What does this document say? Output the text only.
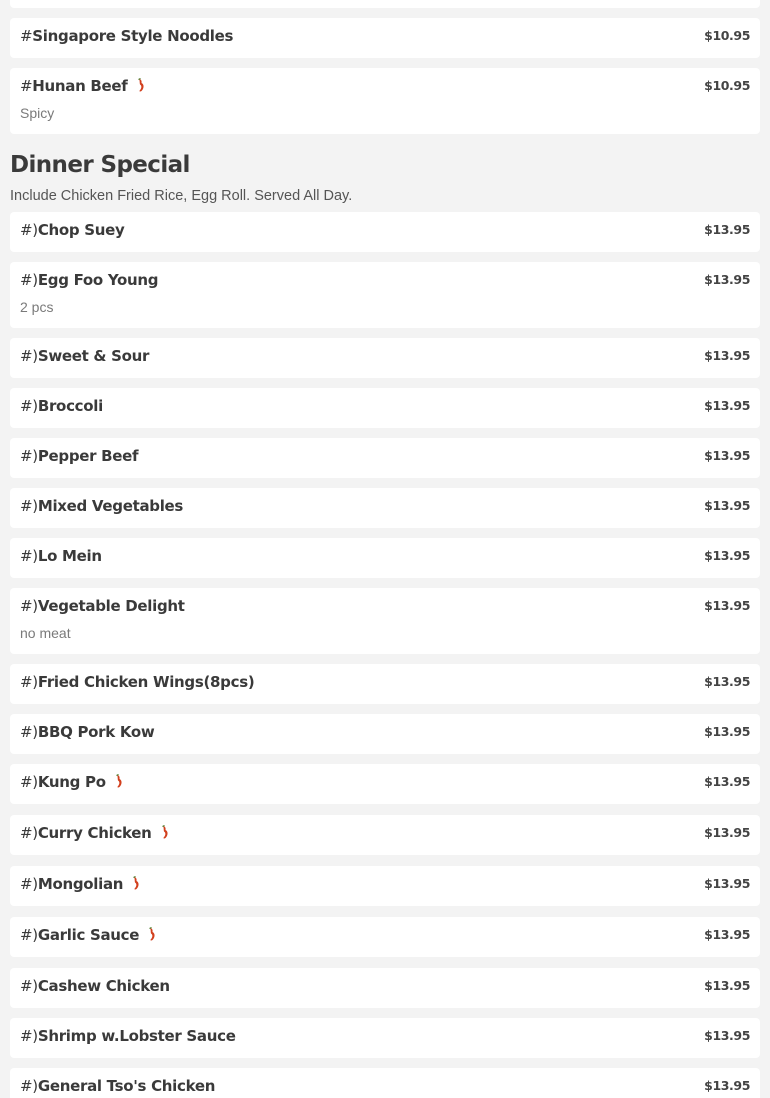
Dinner Special
Include Chicken Fried Rice, Egg Roll. Served All Day.
#Singapore Style Noodles	$10.95
#Hunan Beef	$10.95
Spicy
#)Chop Suey	$13.95
#)Egg Foo Young	$13.95
2 pcs
#)Sweet & Sour	$13.95
#)Broccoli	$13.95
#)Pepper Beef	$13.95
#)Mixed Vegetables	$13.95
#)Lo Mein	$13.95
#)Vegetable Delight	$13.95
no meat
#)Fried Chicken Wings(8pcs)	$13.95
#)BBQ Pork Kow	$13.95
#)Kung Po	$13.95
#)Curry Chicken	$13.95
#)Mongolian	$13.95
#)Garlic Sauce	$13.95
#)Cashew Chicken	$13.95
#)Shrimp w.Lobster Sauce	$13.95
#)General Tso's Chicken	$13.95
